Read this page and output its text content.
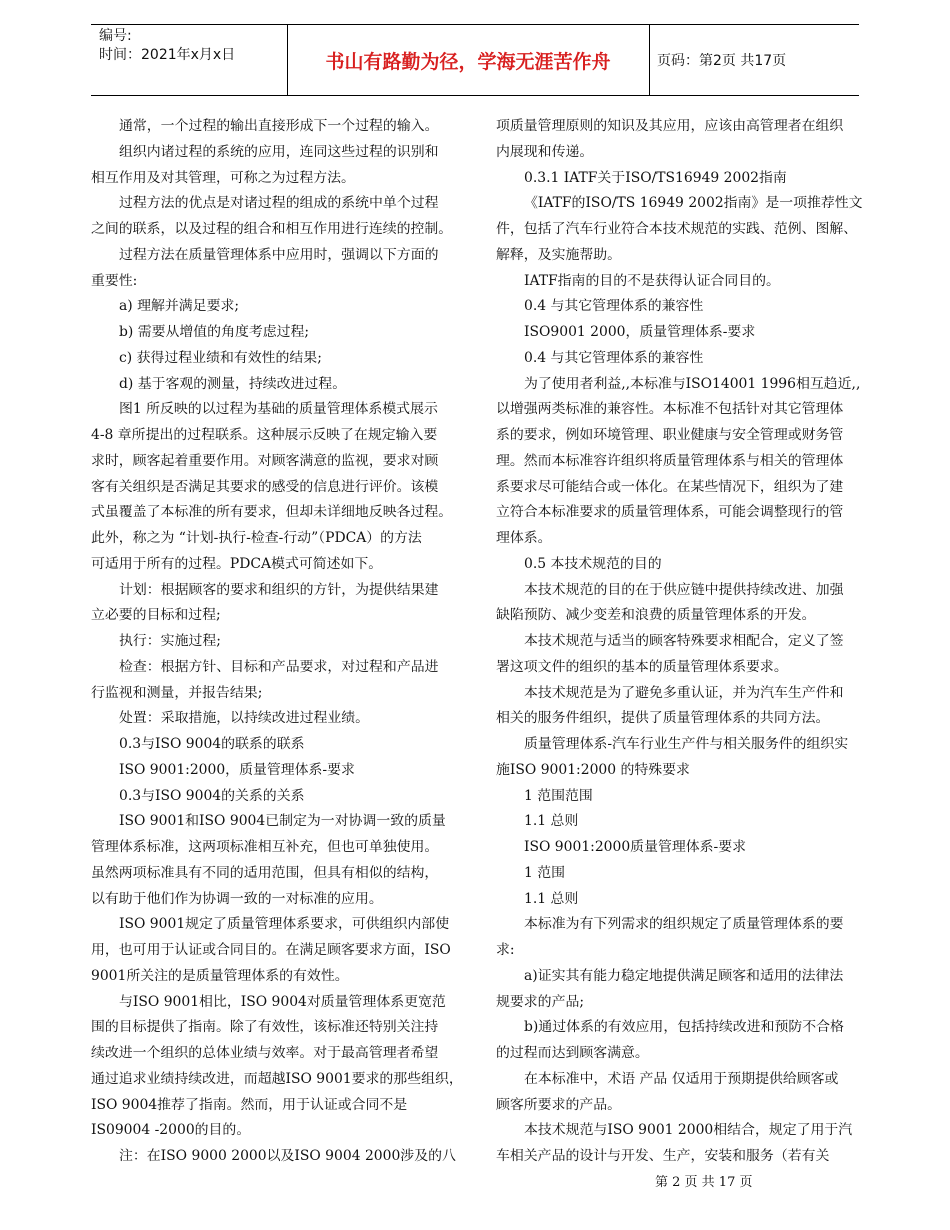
编号:
时间：2021年x月x日	书山有路勤为径，学海无涯苦作舟	页码：第2页 共17页

通常，一个过程的输出直接形成下一个过程的输入。

组织内诸过程的系统的应用，连同这些过程的识别和

相互作用及对其管理，可称之为过程方法。

过程方法的优点是对诸过程的组成的系统中单个过程

之间的联系，以及过程的组合和相互作用进行连续的控制。

过程方法在质量管理体系中应用时，强调以下方面的

重要性:

a) 理解并满足要求;

b) 需要从增值的角度考虑过程;

c) 获得过程业绩和有效性的结果;

d) 基于客观的测量，持续改进过程。

图1 所反映的以过程为基础的质量管理体系模式展示

4-8 章所提出的过程联系。这种展示反映了在规定输入要

求时，顾客起着重要作用。对顾客满意的监视，要求对顾

客有关组织是否满足其要求的感受的信息进行评价。该模

式虽覆盖了本标准的所有要求，但却未详细地反映各过程。

此外，称之为 “计划-执行-检查-行动”（PDCA）的方法

可适用于所有的过程。PDCA模式可简述如下。

计划：根据顾客的要求和组织的方针，为提供结果建

立必要的目标和过程;

执行：实施过程;

检查：根据方针、目标和产品要求，对过程和产品进

行监视和测量，并报告结果;

处置：采取措施，以持续改进过程业绩。

0.3与ISO 9004的联系的联系

ISO 9001:2000，质量管理体系-要求

0.3与ISO 9004的关系的关系

ISO 9001和ISO 9004已制定为一对协调一致的质量

管理体系标准，这两项标准相互补充，但也可单独使用。

虽然两项标准具有不同的适用范围，但具有相似的结构，

以有助于他们作为协调一致的一对标准的应用。

ISO 9001规定了质量管理体系要求，可供组织内部使

用，也可用于认证或合同目的。在满足顾客要求方面，ISO

9001所关注的是质量管理体系的有效性。

与ISO 9001相比，ISO 9004对质量管理体系更宽范

围的目标提供了指南。除了有效性，该标准还特别关注持

续改进一个组织的总体业绩与效率。对于最高管理者希望

通过追求业绩持续改进，而超越ISO 9001要求的那些组织，

ISO 9004推荐了指南。然而，用于认证或合同不是

IS09004 -2000的目的。

注：在ISO 9000 2000以及ISO 9004 2000涉及的八

项质量管理原则的知识及其应用，应该由高管理者在组织

内展现和传递。

0.3.1 IATF关于ISO/TS16949 2002指南

《IATF的ISO/TS 16949 2002指南》是一项推荐性文

件，包括了汽车行业符合本技术规范的实践、范例、图解、

解释，及实施帮助。

IATF指南的目的不是获得认证合同目的。

0.4 与其它管理体系的兼容性

ISO9001 2000，质量管理体系-要求

0.4 与其它管理体系的兼容性

为了使用者利益,,本标准与ISO14001 1996相互趋近,,

以增强两类标准的兼容性。本标准不包括针对其它管理体

系的要求，例如环境管理、职业健康与安全管理或财务管

理。然而本标准容许组织将质量管理体系与相关的管理体

系要求尽可能结合或一体化。在某些情况下，组织为了建

立符合本标准要求的质量管理体系，可能会调整现行的管

理体系。

0.5 本技术规范的目的

本技术规范的目的在于供应链中提供持续改进、加强

缺陷预防、减少变差和浪费的质量管理体系的开发。

本技术规范与适当的顾客特殊要求相配合，定义了签

署这项文件的组织的基本的质量管理体系要求。

本技术规范是为了避免多重认证，并为汽车生产件和

相关的服务件组织，提供了质量管理体系的共同方法。

质量管理体系-汽车行业生产件与相关服务件的组织实

施ISO 9001:2000 的特殊要求

1 范围范围

1.1 总则

ISO 9001:2000质量管理体系-要求

1 范围

1.1 总则

本标准为有下列需求的组织规定了质量管理体系的要

求:

a)证实其有能力稳定地提供满足顾客和适用的法律法

规要求的产品;

b)通过体系的有效应用，包括持续改进和预防不合格

的过程而达到顾客满意。

在本标准中，术语 产品 仅适用于预期提供给顾客或

顾客所要求的产品。

本技术规范与ISO 9001 2000相结合，规定了用于汽

车相关产品的设计与开发、生产，安装和服务（若有关

第 2 页 共 17 页
